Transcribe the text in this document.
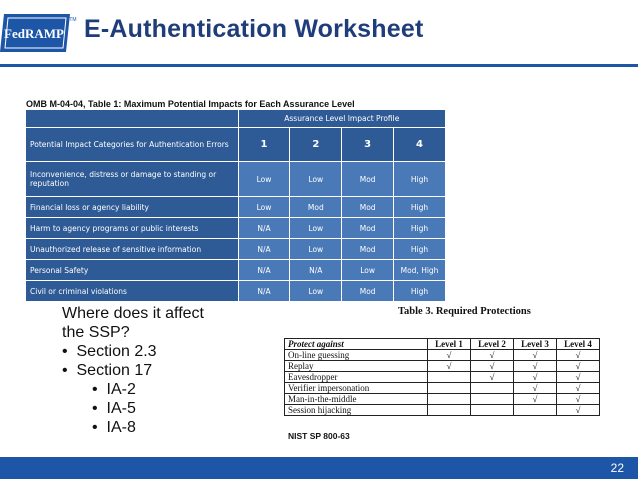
FedRAMP
TM E-Authentication Worksheet
OMB M-04-04, Table 1: Maximum Potential Impacts for Each Assurance Level
	Assurance Level Impact Profile			
Potential Impact Categories for Authentication Errors	1	2	3	4
Inconvenience, distress or damage to standing or reputation	Low	Low	Mod	High
Financial loss or agency liability	Low	Mod	Mod	High
Harm to agency programs or public interests	N/A	Low	Mod	High
Unauthorized release of sensitive information	N/A	Low	Mod	High
Personal Safety	N/A	N/A	Low	Mod, High
Civil or criminal violations	N/A	Low	Mod	High
Where does it affect
the SSP?
• Section 2.3
• Section 17
• IA-2
• IA-5
• IA-8
Table 3. Required Protections
Protect against	Level 1	Level 2	Level 3	Level 4
On-line guessing	√	√	√	√
Replay	√	√	√	√
Eavesdropper		√	√	√
Verifier impersonation			√	√
Man-in-the-middle			√	√
Session hijacking				√
NIST SP 800-63
22
